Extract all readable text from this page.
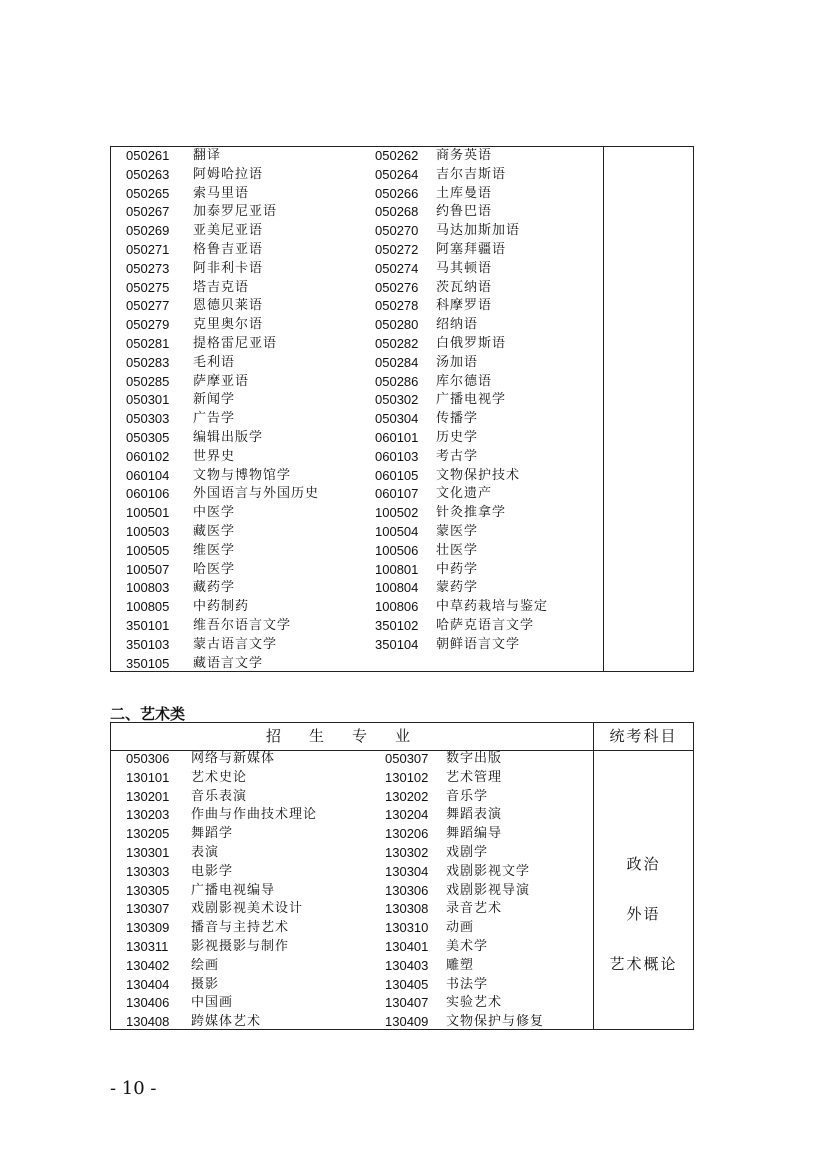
050261 翻译	050262 商务英语
050263 阿姆哈拉语	050264 吉尔吉斯语
050265 索马里语	050266 土库曼语
050267 加泰罗尼亚语	050268 约鲁巴语
050269 亚美尼亚语	050270 马达加斯加语
050271 格鲁吉亚语	050272 阿塞拜疆语
050273 阿非利卡语	050274 马其顿语
050275 塔吉克语	050276 茨瓦纳语
050277 恩德贝莱语	050278 科摩罗语
050279 克里奥尔语	050280 绍纳语
050281 提格雷尼亚语	050282 白俄罗斯语
050283 毛利语	050284 汤加语
050285 萨摩亚语	050286 库尔德语
050301 新闻学	050302 广播电视学
050303 广告学	050304 传播学
050305 编辑出版学	060101 历史学
060102 世界史	060103 考古学
060104 文物与博物馆学	060105 文物保护技术
060106 外国语言与外国历史	060107 文化遗产
100501 中医学	100502 针灸推拿学
100503 藏医学	100504 蒙医学
100505 维医学	100506 壮医学
100507 哈医学	100801 中药学
100803 藏药学	100804 蒙药学
100805 中药制药	100806 中草药栽培与鉴定
350101 维吾尔语言文学	350102 哈萨克语言文学
350103 蒙古语言文学	350104 朝鲜语言文学
350105 藏语言文学
二、艺术类
招生专业	统考科目
050306 网络与新媒体	050307 数字出版
130101 艺术史论	130102 艺术管理
130201 音乐表演	130202 音乐学
130203 作曲与作曲技术理论	130204 舞蹈表演
130205 舞蹈学	130206 舞蹈编导
130301 表演	130302 戏剧学
130303 电影学	130304 戏剧影视文学
130305 广播电视编导	130306 戏剧影视导演
130307 戏剧影视美术设计	130308 录音艺术
130309 播音与主持艺术	130310 动画
130311 影视摄影与制作	130401 美术学
130402 绘画	130403 雕塑
130404 摄影	130405 书法学
130406 中国画	130407 实验艺术
130408 跨媒体艺术	130409 文物保护与修复
政治
外语
艺术概论
- 10 -
